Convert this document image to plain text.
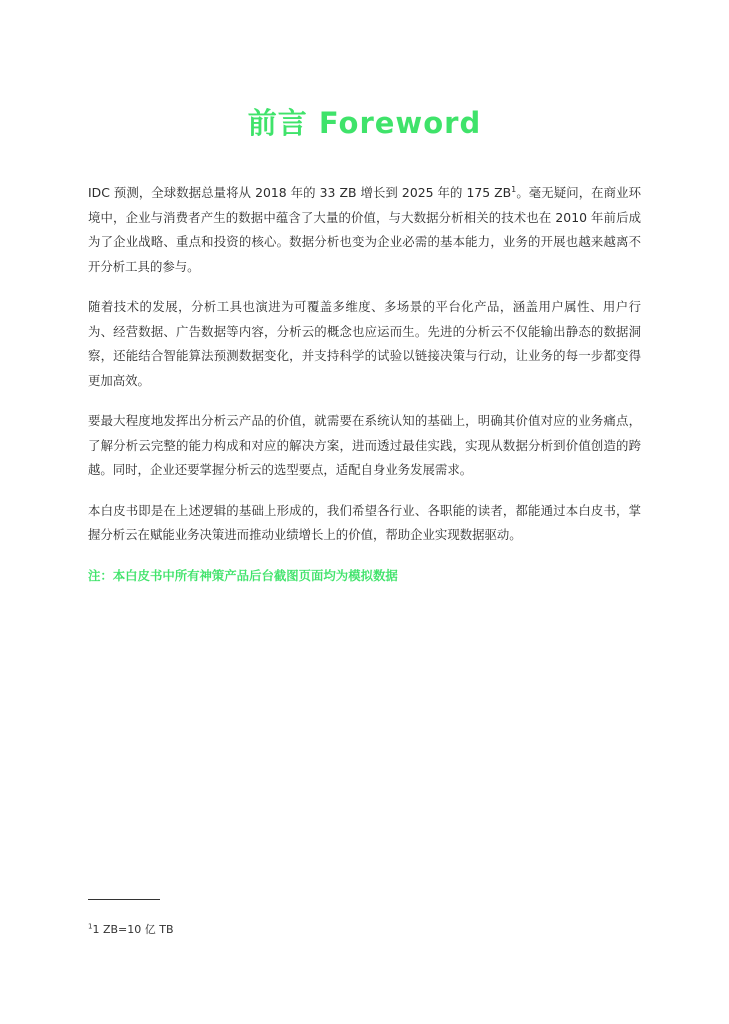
前言 Foreword

IDC 预测，全球数据总量将从 2018 年的 33 ZB 增长到 2025 年的 175 $ZB^1$。毫无疑问，在商业环境中，企业与消费者产生的数据中蕴含了大量的价值，与大数据分析相关的技术也在 2010 年前后成为了企业战略、重点和投资的核心。数据分析也变为企业必需的基本能力，业务的开展也越来越离不开分析工具的参与。

随着技术的发展，分析工具也演进为可覆盖多维度、多场景的平台化产品，涵盖用户属性、用户行为、经营数据、广告数据等内容，分析云的概念也应运而生。先进的分析云不仅能输出静态的数据洞察，还能结合智能算法预测数据变化，并支持科学的试验以链接决策与行动，让业务的每一步都变得更加高效。

要最大程度地发挥出分析云产品的价值，就需要在系统认知的基础上，明确其价值对应的业务痛点，了解分析云完整的能力构成和对应的解决方案，进而透过最佳实践，实现从数据分析到价值创造的跨越。同时，企业还要掌握分析云的选型要点，适配自身业务发展需求。

本白皮书即是在上述逻辑的基础上形成的，我们希望各行业、各职能的读者，都能通过本白皮书，掌握分析云在赋能业务决策进而推动业绩增长上的价值，帮助企业实现数据驱动。

注：本白皮书中所有神策产品后台截图页面均为模拟数据

$^1$1 ZB=10 亿 TB
